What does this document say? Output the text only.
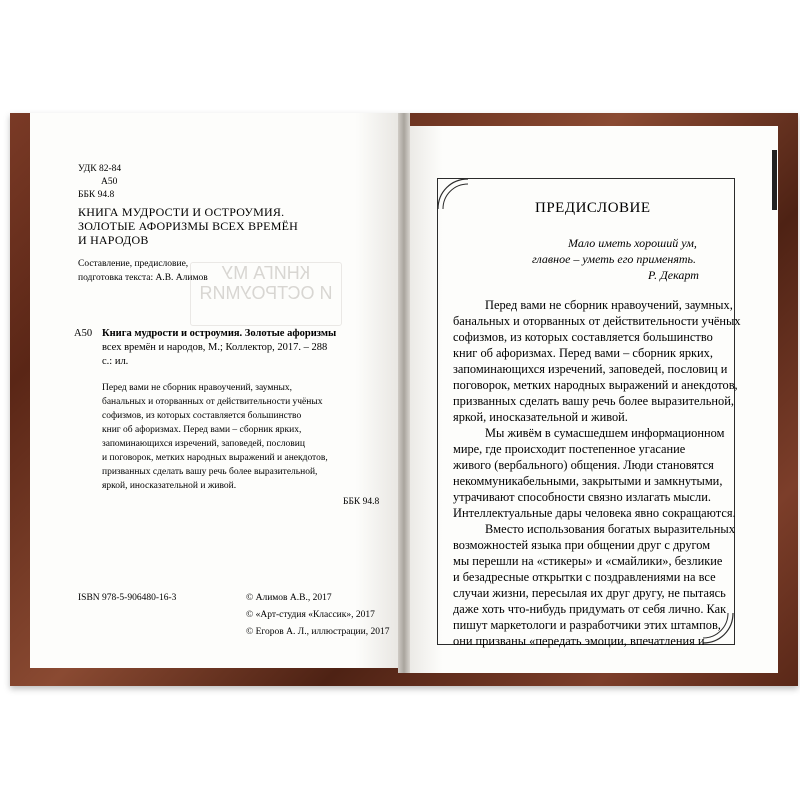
КНИГА МУ
И ОСТРОУМИЯ
УДК 82-84
А50
ББК 94.8
КНИГА МУДРОСТИ И ОСТРОУМИЯ.
ЗОЛОТЫЕ АФОРИЗМЫ ВСЕХ ВРЕМЁН
И НАРОДОВ
Составление, предисловие,
подготовка текста: А.В. Алимов
А50 Книга мудрости и остроумия. Золотые афоризмы
всех времён и народов, М.; Коллектор, 2017. – 288
с.: ил.
Перед вами не сборник нравоучений, заумных,
банальных и оторванных от действительности учёных
софизмов, из которых составляется большинство
книг об афоризмах. Перед вами – сборник ярких,
запоминающихся изречений, заповедей, пословиц
и поговорок, метких народных выражений и анекдотов,
призванных сделать вашу речь более выразительной,
яркой, иносказательной и живой.
ББК 94.8
ISBN 978-5-906480-16-3	© Алимов А.В., 2017
© «Арт-студия «Классик», 2017
© Егоров А. Л., иллюстрации, 2017
ПРЕДИСЛОВИЕ
Мало иметь хороший ум,
главное – уметь его применять.
Р. Декарт
Перед вами не сборник нравоучений, заумных,
банальных и оторванных от действительности учёных
софизмов, из которых составляется большинство
книг об афоризмах. Перед вами – сборник ярких,
запоминающихся изречений, заповедей, пословиц и
поговорок, метких народных выражений и анекдотов,
призванных сделать вашу речь более выразительной,
яркой, иносказательной и живой.
Мы живём в сумасшедшем информационном
мире, где происходит постепенное угасание
живого (вербального) общения. Люди становятся
некоммуникабельными, закрытыми и замкнутыми,
утрачивают способности связно излагать мысли.
Интеллектуальные дары человека явно сокращаются.
Вместо использования богатых выразительных
возможностей языка при общении друг с другом
мы перешли на «стикеры» и «смайлики», безликие
и безадресные открытки с поздравлениями на все
случаи жизни, пересылая их друг другу, не пытаясь
даже хоть что-нибудь придумать от себя лично. Как
пишут маркетологи и разработчики этих штампов,
они призваны «передать эмоции, впечатления и
